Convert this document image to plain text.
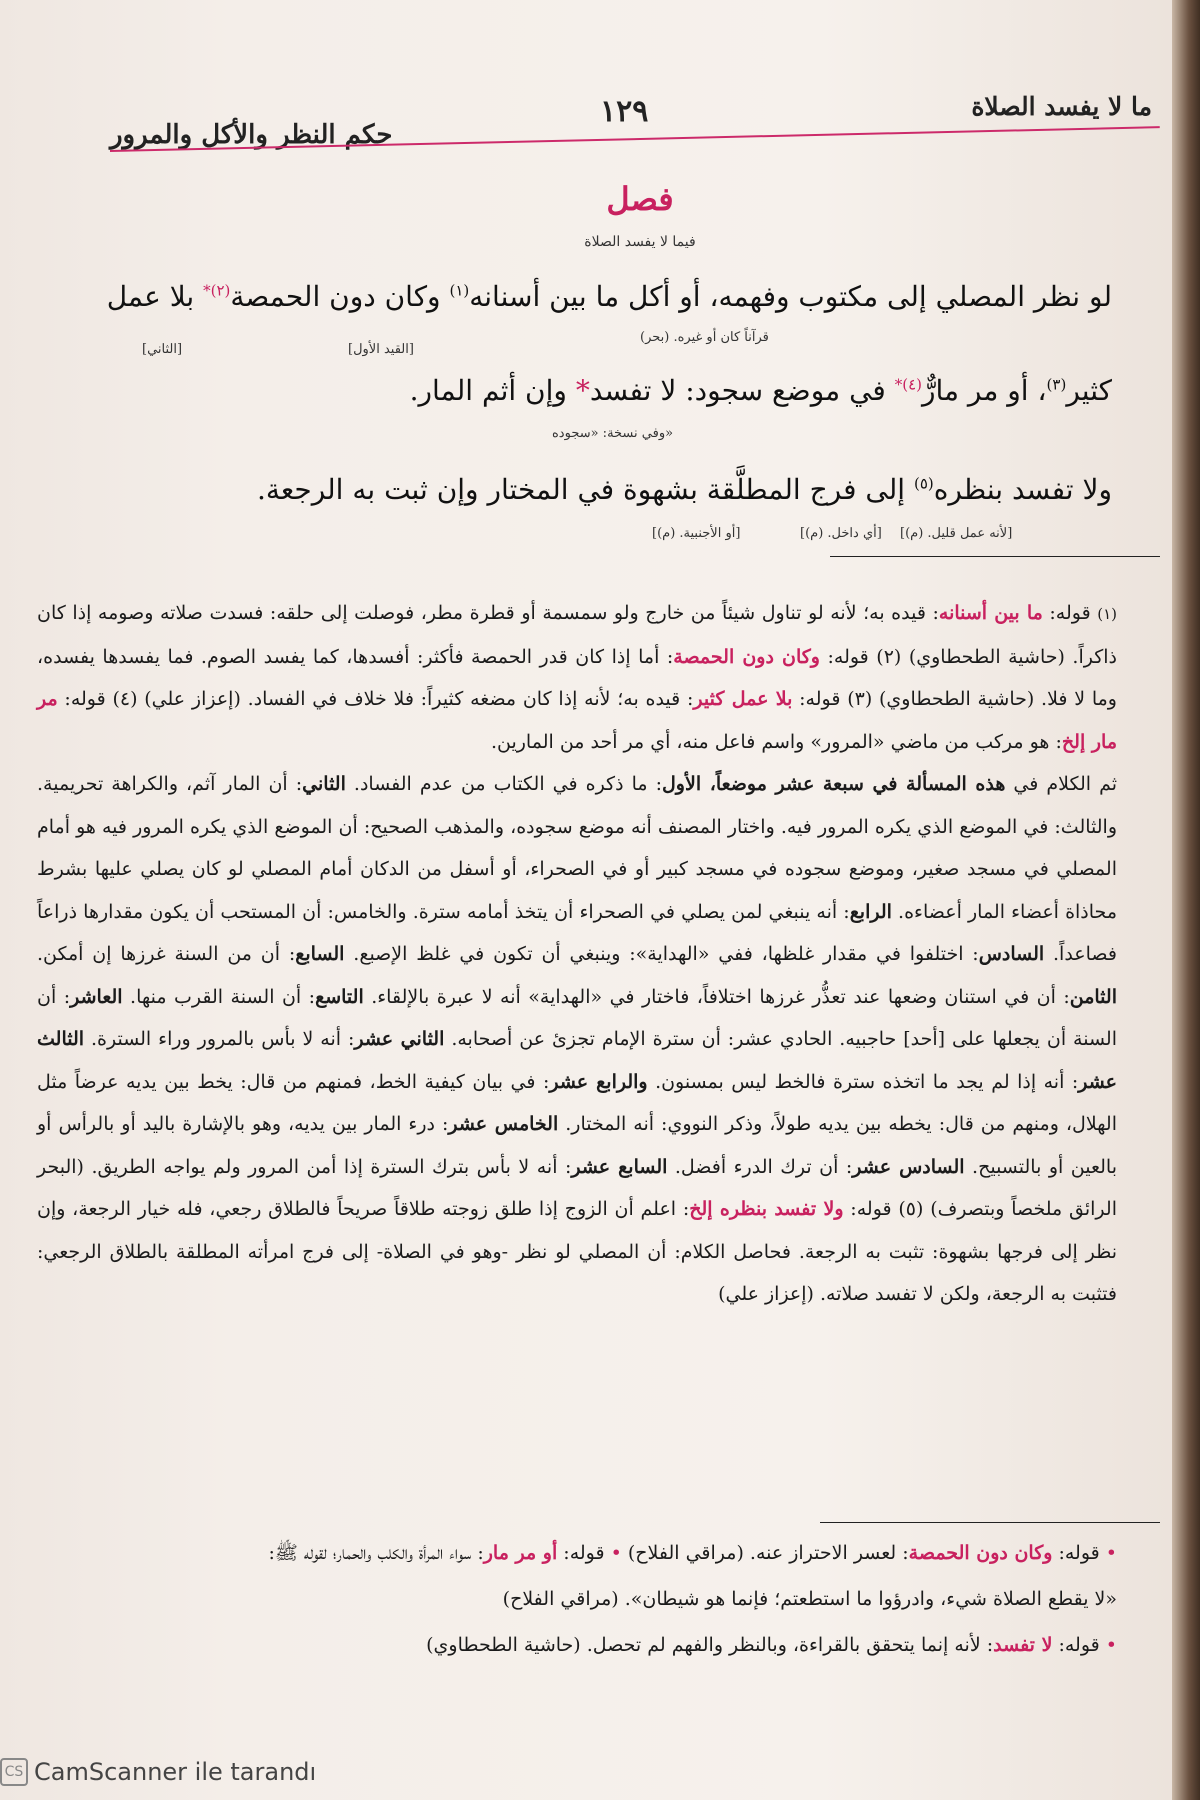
ما لا يفسد الصلاة
١٢٩
حكم النظر والأكل والمرور
فصل
فيما لا يفسد الصلاة
لو نظر المصلي إلى مكتوب وفهمه، أو أكل ما بين أسنانه$^{(١)}$ وكان دون الحمصة$^{(٢)*}$ بلا عمل
قرآناً كان أو غيره. (بحر)
[القيد الأول]
[الثاني]
كثير$^{(٣)}$، أو مر مارٌّ$^{(٤)*}$ في موضع سجود: لا تفسد* وإن أثم المار.
وفي نسخة: «سجوده»
ولا تفسد بنظره$^{(٥)}$ إلى فرج المطلَّقة بشهوة في المختار وإن ثبت به الرجعة.
[لأنه عمل قليل. (م)]
[أي داخل. (م)]
[أو الأجنبية. (م)]

(١) قوله: ما بين أسنانه: قيده به؛ لأنه لو تناول شيئاً من خارج ولو سمسمة أو قطرة مطر، فوصلت إلى حلقه: فسدت صلاته وصومه إذا كان ذاكراً. (حاشية الطحطاوي) (٢) قوله: وكان دون الحمصة: أما إذا كان قدر الحمصة فأكثر: أفسدها، كما يفسد الصوم. فما يفسدها يفسده، وما لا فلا. (حاشية الطحطاوي) (٣) قوله: بلا عمل كثير: قيده به؛ لأنه إذا كان مضغه كثيراً: فلا خلاف في الفساد. (إعزاز علي) (٤) قوله: مر مار إلخ: هو مركب من ماضي «المرور» واسم فاعل منه، أي مر أحد من المارين.

ثم الكلام في هذه المسألة في سبعة عشر موضعاً، الأول: ما ذكره في الكتاب من عدم الفساد. الثاني: أن المار آثم، والكراهة تحريمية. والثالث: في الموضع الذي يكره المرور فيه. واختار المصنف أنه موضع سجوده، والمذهب الصحيح: أن الموضع الذي يكره المرور فيه هو أمام المصلي في مسجد صغير، وموضع سجوده في مسجد كبير أو في الصحراء، أو أسفل من الدكان أمام المصلي لو كان يصلي عليها بشرط محاذاة أعضاء المار أعضاءه. الرابع: أنه ينبغي لمن يصلي في الصحراء أن يتخذ أمامه سترة. والخامس: أن المستحب أن يكون مقدارها ذراعاً فصاعداً. السادس: اختلفوا في مقدار غلظها، ففي «الهداية»: وينبغي أن تكون في غلظ الإصبع. السابع: أن من السنة غرزها إن أمكن. الثامن: أن في استنان وضعها عند تعذُّر غرزها اختلافاً، فاختار في «الهداية» أنه لا عبرة بالإلقاء. التاسع: أن السنة القرب منها. العاشر: أن السنة أن يجعلها على [أحد] حاجبيه. الحادي عشر: أن سترة الإمام تجزئ عن أصحابه. الثاني عشر: أنه لا بأس بالمرور وراء السترة. الثالث عشر: أنه إذا لم يجد ما اتخذه سترة فالخط ليس بمسنون. والرابع عشر: في بيان كيفية الخط، فمنهم من قال: يخط بين يديه عرضاً مثل الهلال، ومنهم من قال: يخطه بين يديه طولاً، وذكر النووي: أنه المختار. الخامس عشر: درء المار بين يديه، وهو بالإشارة باليد أو بالرأس أو بالعين أو بالتسبيح. السادس عشر: أن ترك الدرء أفضل. السابع عشر: أنه لا بأس بترك السترة إذا أمن المرور ولم يواجه الطريق. (البحر الرائق ملخصاً وبتصرف) (٥) قوله: ولا تفسد بنظره إلخ: اعلم أن الزوج إذا طلق زوجته طلاقاً صريحاً فالطلاق رجعي، فله خيار الرجعة، وإن نظر إلى فرجها بشهوة: تثبت به الرجعة. فحاصل الكلام: أن المصلي لو نظر -وهو في الصلاة- إلى فرج امرأته المطلقة بالطلاق الرجعي: فتثبت به الرجعة، ولكن لا تفسد صلاته. (إعزاز علي)

• قوله: وكان دون الحمصة: لعسر الاحتراز عنه. (مراقي الفلاح) • قوله: أو مر مار: سواء المرأة والكلب والحمار؛ لقوله ﷺ:

«لا يقطع الصلاة شيء، وادرؤوا ما استطعتم؛ فإنما هو شيطان». (مراقي الفلاح)

• قوله: لا تفسد: لأنه إنما يتحقق بالقراءة، وبالنظر والفهم لم تحصل. (حاشية الطحطاوي)

CS CamScanner ile tarandı
